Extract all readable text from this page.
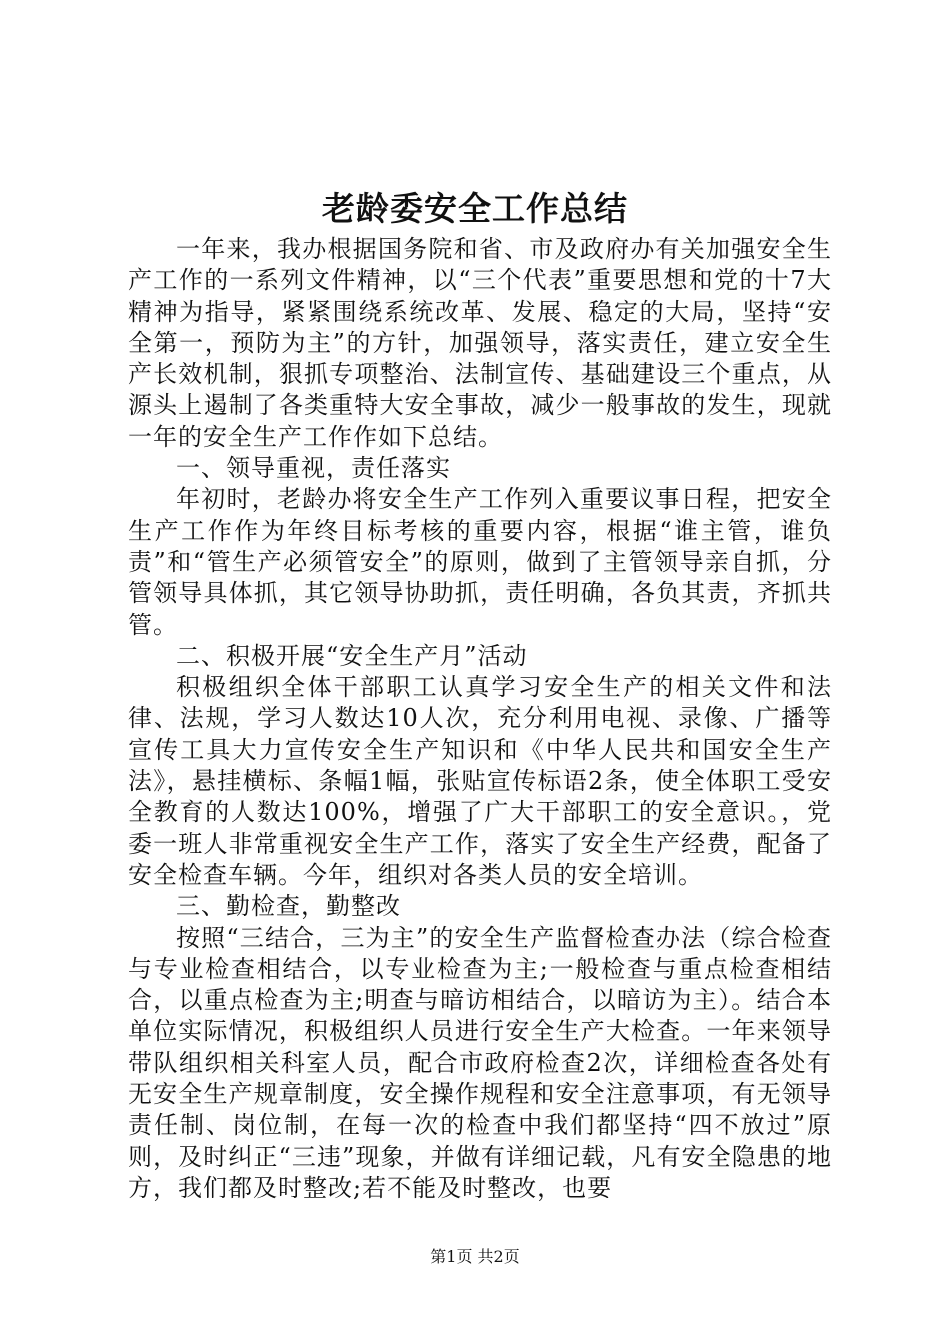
老龄委安全工作总结

一年来，我办根据国务院和省、市及政府办有关加强安全生产工作的一系列文件精神，以“三个代表”重要思想和党的十7大精神为指导，紧紧围绕系统改革、发展、稳定的大局，坚持“安全第一，预防为主”的方针，加强领导，落实责任，建立安全生产长效机制，狠抓专项整治、法制宣传、基础建设三个重点，从源头上遏制了各类重特大安全事故，减少一般事故的发生，现就一年的安全生产工作作如下总结。

一、领导重视，责任落实

年初时，老龄办将安全生产工作列入重要议事日程，把安全生产工作作为年终目标考核的重要内容，根据“谁主管，谁负责”和“管生产必须管安全”的原则，做到了主管领导亲自抓，分管领导具体抓，其它领导协助抓，责任明确，各负其责，齐抓共管。

二、积极开展“安全生产月”活动

积极组织全体干部职工认真学习安全生产的相关文件和法律、法规，学习人数达10人次，充分利用电视、录像、广播等宣传工具大力宣传安全生产知识和《中华人民共和国安全生产法》，悬挂横标、条幅1幅，张贴宣传标语2条，使全体职工受安全教育的人数达100%，增强了广大干部职工的安全意识。，党委一班人非常重视安全生产工作，落实了安全生产经费，配备了安全检查车辆。今年，组织对各类人员的安全培训。

三、勤检查，勤整改

按照“三结合，三为主”的安全生产监督检查办法（综合检查与专业检查相结合，以专业检查为主;一般检查与重点检查相结合，以重点检查为主;明查与暗访相结合，以暗访为主）。结合本单位实际情况，积极组织人员进行安全生产大检查。一年来领导带队组织相关科室人员，配合市政府检查2次，详细检查各处有无安全生产规章制度，安全操作规程和安全注意事项，有无领导责任制、岗位制，在每一次的检查中我们都坚持“四不放过”原则，及时纠正“三违”现象，并做有详细记载，凡有安全隐患的地方，我们都及时整改;若不能及时整改，也要

第1页 共2页
